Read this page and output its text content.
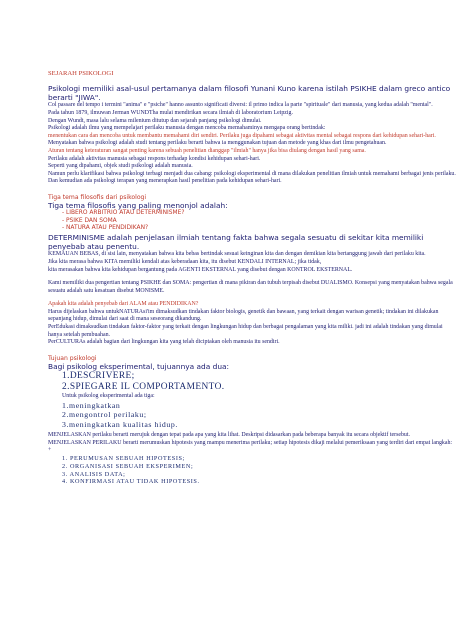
SEJARAH PSIKOLOGI

Psikologi memiliki asal-usul pertamanya dalam filosofi Yunani Kuno karena istilah PSIKHE dalam greco antico berarti "JIWA".

Col passare del tempo i termini "anima" e "psiche" hanno assunto significati diversi: il primo indica la parte "spirituale" dari manusia, yang kedua adalah "mental".

Pada tahun 1879, ilmuwan Jerman WUNDTha mulai mendirikan secara ilmiah di laboratorium Leipzig.

Dengan Wundt, masa lalu selama milenium ditutup dan sejarah panjang psikologi dimulai.

Psikologi adalah ilmu yang mempelajari perilaku manusia dengan mencoba memahaminya mengapa orang bertindak:

menentukan cara dan mencoba untuk membantu memahami diri sendiri. Perilaku juga dipahami sebagai aktivitas mental sebagai respons dari kehidupan sehari-hari.

Menyatakan bahwa psikologi adalah studi tentang perilaku berarti bahwa ia menggunakan tujuan dan metode yang khas dari ilmu pengetahuan.

Aturan tentang keteraturan sangat penting karena sebuah penelitian dianggap "ilmiah" hanya jika bisa diulang dengan hasil yang sama.

Perilaku adalah aktivitas manusia sebagai respons terhadap kondisi kehidupan sehari-hari.

Seperti yang dipahami, objek studi psikologi adalah manusia.

Namun perlu klarifikasi bahwa psikologi terbagi menjadi dua cabang: psikologi eksperimental di mana dilakukan penelitian ilmiah untuk memahami berbagai jenis perilaku.

Dan kemudian ada psikologi terapan yang menerapkan hasil penelitian pada kehidupan sehari-hari.

Tiga tema filosofis dari psikologi

Tiga tema filosofis yang paling menonjol adalah:

- LIBERO ARBITRIO ATAU DETERMINISME?

- PSIKE DAN SOMA

- NATURA ATAU PENDIDIKAN?

DETERMINISME adalah penjelasan ilmiah tentang fakta bahwa segala sesuatu di sekitar kita memiliki penyebab atau penentu.

KEMAUAN BEBAS, di sisi lain, menyatakan bahwa kita bebas bertindak sesuai keinginan kita dan dengan demikian kita bertanggung jawab dari perilaku kita.

Jika kita merasa bahwa KITA memiliki kendali atas keberadaan kita, itu disebut KENDALI INTERNAL; jika tidak,

kita merasakan bahwa kita kehidupan bergantung pada AGENTI EKSTERNAL yang disebut dengan KONTROL EKSTERNAL.

Kami memiliki dua pengertian tentang PSIKHE dan SOMA: pengertian di mana pikiran dan tubuh terpisah disebut DUALISMO. Konsepsi yang menyatakan bahwa segala sesuatu adalah satu kesatuan disebut MONISME.

Apakah kita adalah penyebab dari ALAM atau PENDIDIKAN?

Harus dijelaskan bahwa untukNATURAsi'im dimaksudkan tindakan faktor biologis, genetik dan bawaan, yang terkait dengan warisan genetik; tindakan ini dilakukan sepanjang hidup, dimulai dari saat di mana seseorang dikandung.

PerEdukasi dimaksudkan tindakan faktor-faktor yang terkait dengan lingkungan hidup dan berbagai pengalaman yang kita miliki. jadi ini adalah tindakan yang dimulai hanya setelah pembuahan.

PerCULTURAs adalah bagian dari lingkungan kita yang telah diciptakan oleh manusia itu sendiri.

Tujuan psikologi

Bagi psikolog eksperimental, tujuannya ada dua:

1.DESCRIVERE;

2.SPIEGARE IL COMPORTAMENTO.

Untuk psikolog eksperimental ada tiga:

1.meningkatkan

2.mengontrol perilaku;

3.meningkatkan kualitas hidup.

MENJELASKAN perilaku berarti merujuk dengan tepat pada apa yang kita lihat. Deskripsi didasarkan pada beberapa banyak itu secara objektif tersebut.

MENJELASKAN PERILAKU berarti merumuskan hipotesis yang mampu menerima perilaku; setiap hipotesis dikaji melalui pemeriksaan yang terdiri dari empat langkah: +

1. PERUMUSAN SEBUAH HIPOTESIS;

2. ORGANISASI SEBUAH EKSPERIMEN;

3. ANALISIS DATA;

4. KONFIRMASI ATAU TIDAK HIPOTESIS.
